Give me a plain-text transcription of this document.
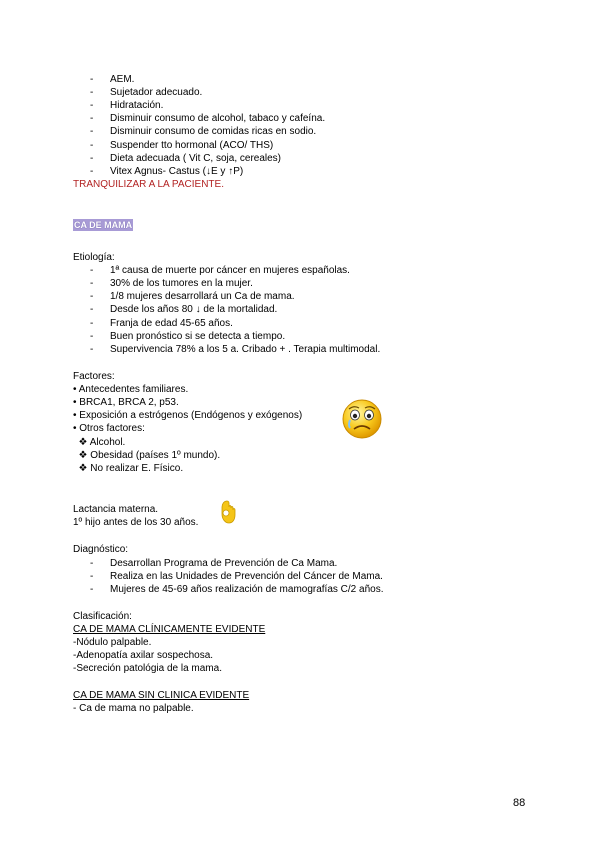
- AEM.
- Sujetador adecuado.
- Hidratación.
- Disminuir consumo de alcohol, tabaco y cafeína.
- Disminuir consumo de comidas ricas en sodio.
- Suspender tto hormonal (ACO/ THS)
- Dieta adecuada ( Vit C, soja, cereales)
- Vitex Agnus- Castus (↓E y ↑P)
TRANQUILIZAR A LA PACIENTE.
CA DE MAMA
Etiología:
- 1ª causa de muerte por cáncer en mujeres españolas.
- 30% de los tumores en la mujer.
- 1/8 mujeres desarrollará un Ca de mama.
- Desde los años 80 ↓ de la mortalidad.
- Franja de edad 45-65 años.
- Buen pronóstico si se detecta a tiempo.
- Supervivencia 78% a los 5 a. Cribado + . Terapia multimodal.
Factores:
• Antecedentes familiares.
• BRCA1, BRCA 2, p53.
• Exposición a estrógenos (Endógenos y exógenos)
• Otros factores:
❖ Alcohol.
❖ Obesidad (países 1º mundo).
❖ No realizar E. Físico.
Lactancia materna.
1º hijo antes de los 30 años.
Diagnóstico:
- Desarrollan Programa de Prevención de Ca Mama.
- Realiza en las Unidades de Prevención del Cáncer de Mama.
- Mujeres de 45-69 años realización de mamografías C/2 años.
Clasificación:
CA DE MAMA CLÍNICAMENTE EVIDENTE
-Nódulo palpable.
-Adenopatía axilar sospechosa.
-Secreción patológia de la mama.
CA DE MAMA SIN CLINICA EVIDENTE
- Ca de mama no palpable.
88
